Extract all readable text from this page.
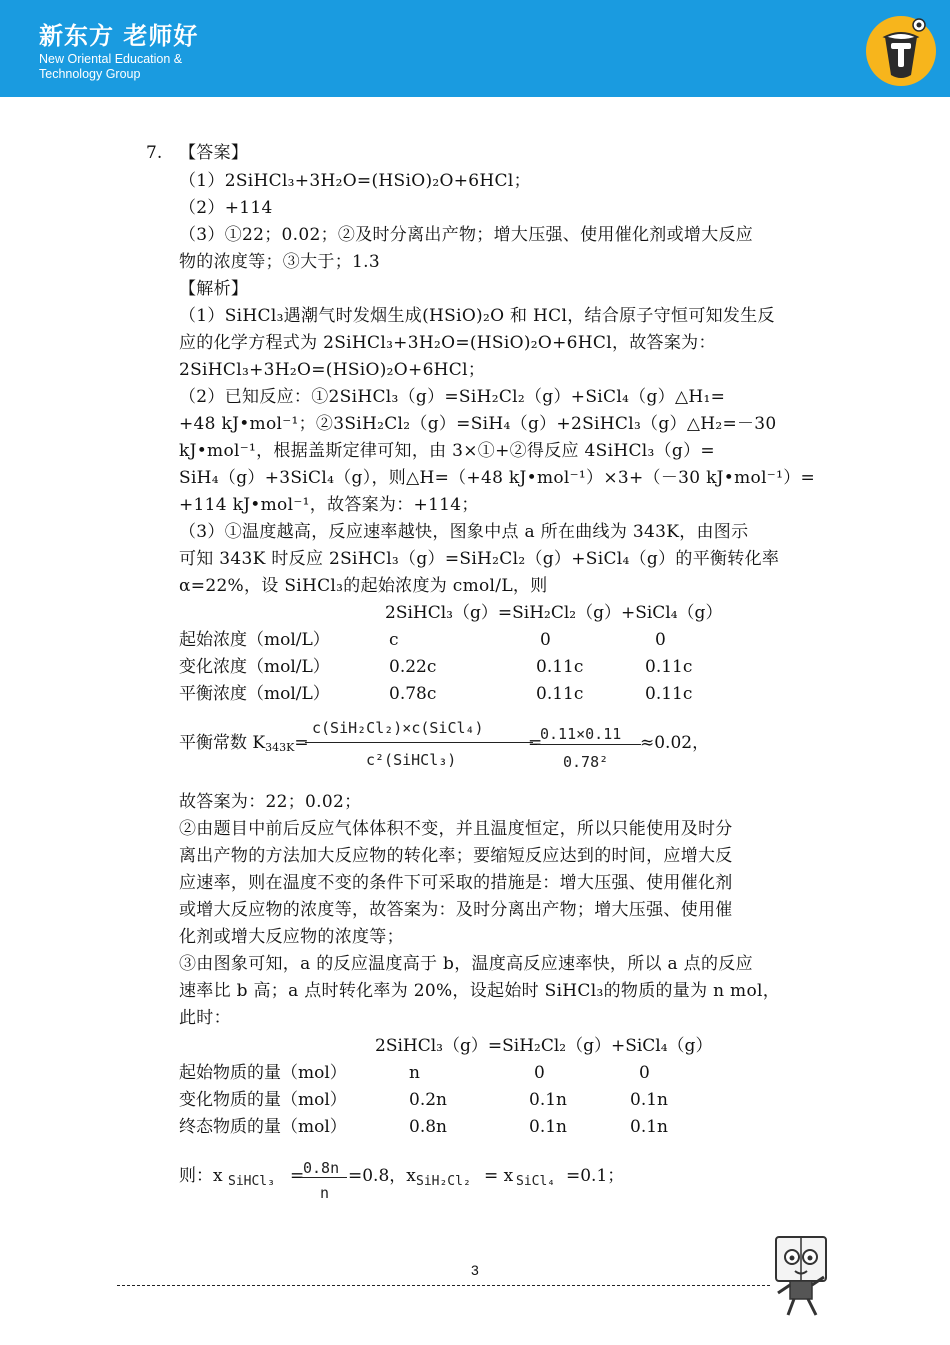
新东方 老师好
New Oriental Education &
Technology Group
7. 【答案】
（1）2SiHCl₃+3H₂O=(HSiO)₂O+6HCl；
（2）+114
（3）①22；0.02；②及时分离出产物；增大压强、使用催化剂或增大反应
物的浓度等；③大于；1.3
【解析】
（1）SiHCl₃遇潮气时发烟生成(HSiO)₂O 和 HCl，结合原子守恒可知发生反
应的化学方程式为 2SiHCl₃+3H₂O=(HSiO)₂O+6HCl，故答案为：
2SiHCl₃+3H₂O=(HSiO)₂O+6HCl；
（2）已知反应：①2SiHCl₃（g）=SiH₂Cl₂（g）+SiCl₄（g）△H₁=
+48 kJ•mol⁻¹；②3SiH₂Cl₂（g）=SiH₄（g）+2SiHCl₃（g）△H₂=－30
kJ•mol⁻¹，根据盖斯定律可知，由 3×①+②得反应 4SiHCl₃（g）=
SiH₄（g）+3SiCl₄（g），则△H=（+48 kJ•mol⁻¹）×3+（－30 kJ•mol⁻¹）=
+114 kJ•mol⁻¹，故答案为：+114；
（3）①温度越高，反应速率越快，图象中点 a 所在曲线为 343K，由图示
可知 343K 时反应 2SiHCl₃（g）=SiH₂Cl₂（g）+SiCl₄（g）的平衡转化率
α=22%，设 SiHCl₃的起始浓度为 cmol/L，则
2SiHCl₃（g）=SiH₂Cl₂（g）+SiCl₄（g）
起始浓度（mol/L）	c	0	0
变化浓度（mol/L）	0.22c	0.11c	0.11c
平衡浓度（mol/L）	0.78c	0.11c	0.11c
平衡常数 $K_{343K}=$
c(SiH₂Cl₂)×c(SiCl₄)
c²(SiHCl₃)
=
0.11×0.11
0.78²
≈0.02，
故答案为：22；0.02；
②由题目中前后反应气体体积不变，并且温度恒定，所以只能使用及时分
离出产物的方法加大反应物的转化率；要缩短反应达到的时间，应增大反
应速率，则在温度不变的条件下可采取的措施是：增大压强、使用催化剂
或增大反应物的浓度等，故答案为：及时分离出产物；增大压强、使用催
化剂或增大反应物的浓度等；
③由图象可知，a 的反应温度高于 b，温度高反应速率快，所以 a 点的反应
速率比 b 高；a 点时转化率为 20%，设起始时 SiHCl₃的物质的量为 n mol，
此时：
2SiHCl₃（g）=SiH₂Cl₂（g）+SiCl₄（g）
起始物质的量（mol）	n	0	0
变化物质的量（mol）	0.2n	0.1n	0.1n
终态物质的量（mol）	0.8n	0.1n	0.1n
则：x SiHCl₃ =
0.8n
n
=0.8，x SiH₂Cl₂ = x SiCl₄ =0.1；
3
